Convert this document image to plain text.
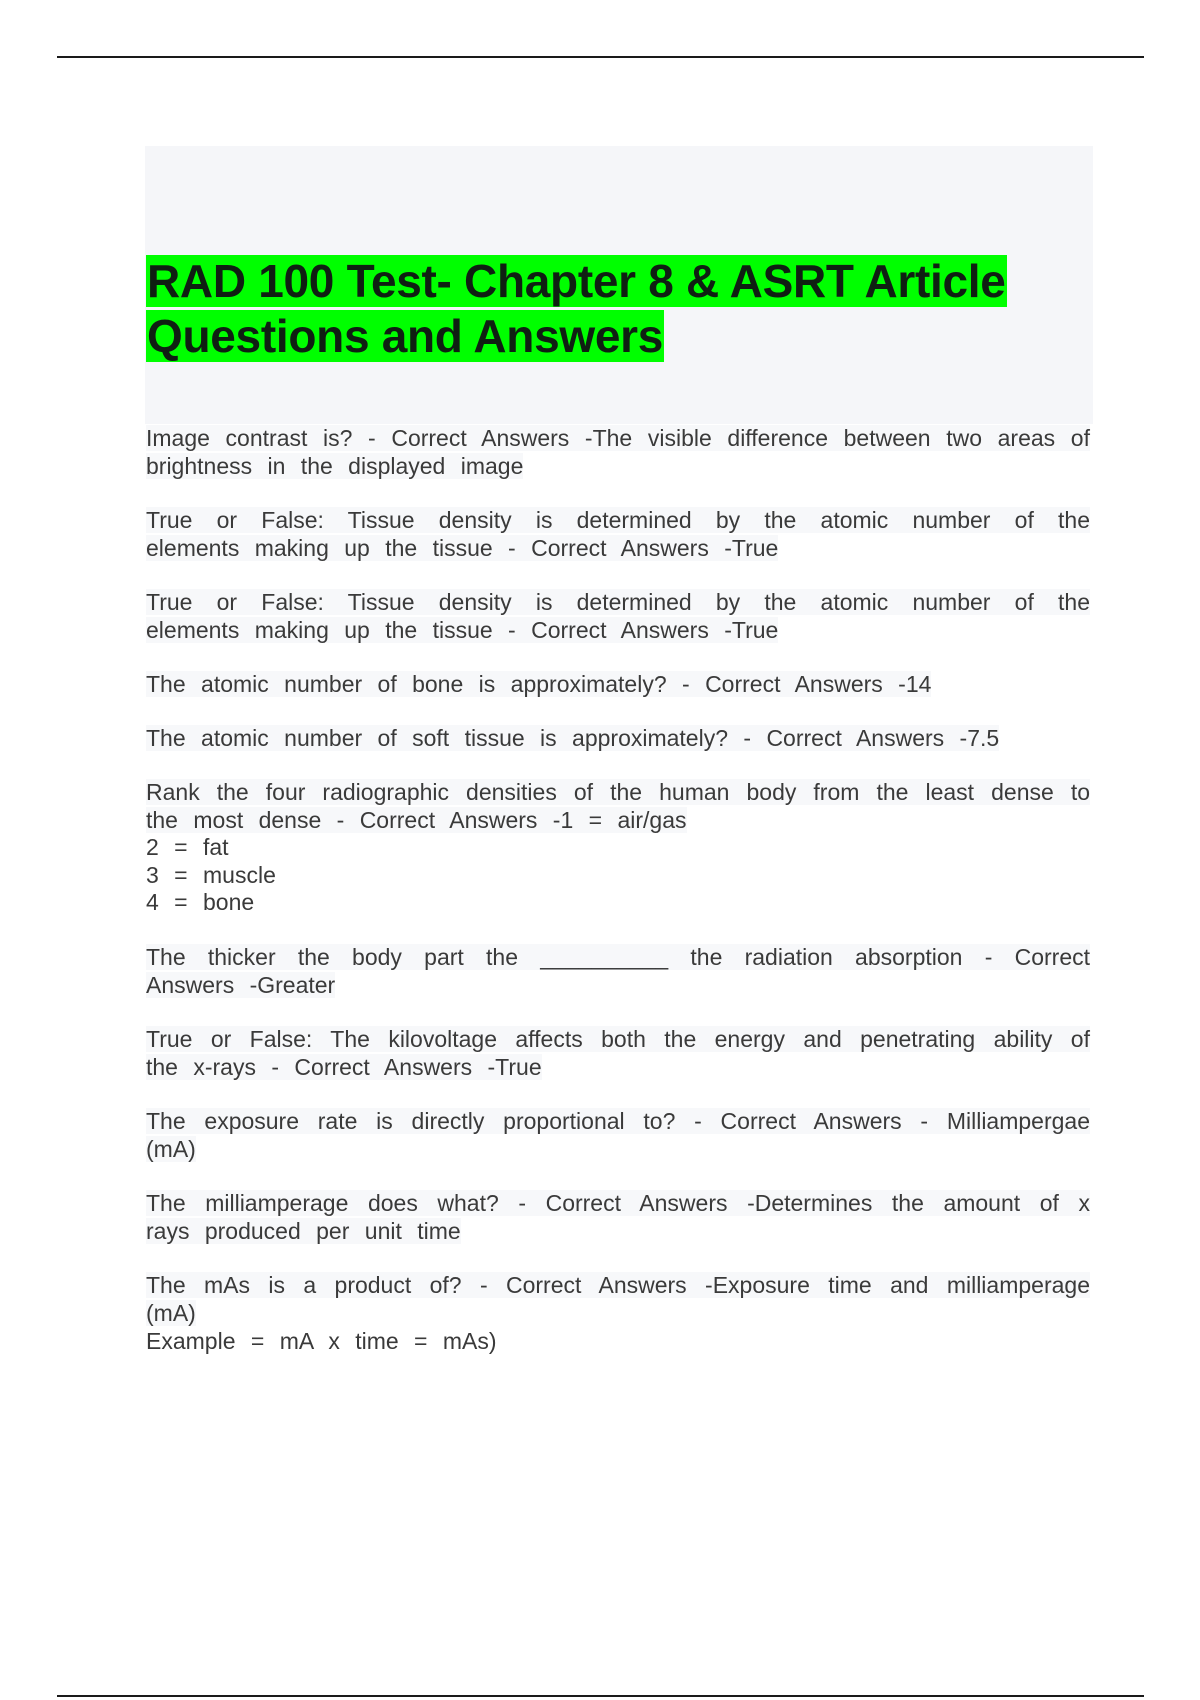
RAD 100 Test- Chapter 8 & ASRT Article Questions and Answers

Image contrast is? - Correct Answers -The visible difference between two areas of brightness in the displayed image

True or False: Tissue density is determined by the atomic number of the elements making up the tissue - Correct Answers -True

True or False: Tissue density is determined by the atomic number of the elements making up the tissue - Correct Answers -True

The atomic number of bone is approximately? - Correct Answers -14

The atomic number of soft tissue is approximately? - Correct Answers -7.5

Rank the four radiographic densities of the human body from the least dense to the most dense - Correct Answers -1 = air/gas
2 = fat
3 = muscle
4 = bone

The thicker the body part the __________ the radiation absorption - Correct Answers -Greater

True or False: The kilovoltage affects both the energy and penetrating ability of the x-rays - Correct Answers -True

The exposure rate is directly proportional to? - Correct Answers - Milliampergae (mA)

The milliamperage does what? - Correct Answers -Determines the amount of x rays produced per unit time

The mAs is a product of? - Correct Answers -Exposure time and milliamperage (mA)
Example = mA x time = mAs)
